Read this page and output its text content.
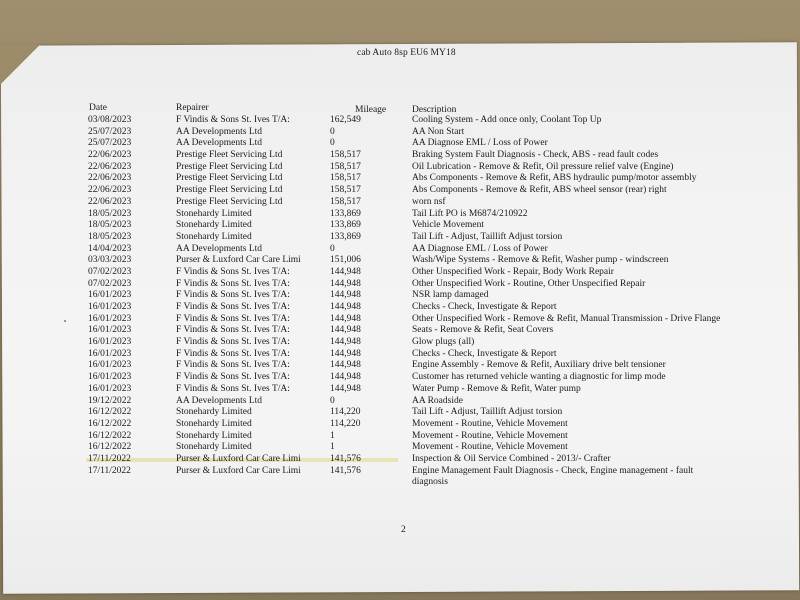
cab Auto 8sp EU6 MY18
Date	Repairer	Mileage	Description
03/08/2023	F Vindis & Sons St. Ives T/A:	162,549	Cooling System - Add once only, Coolant Top Up
25/07/2023	AA Developments Ltd	0	AA Non Start
25/07/2023	AA Developments Ltd	0	AA Diagnose EML / Loss of Power
22/06/2023	Prestige Fleet Servicing Ltd	158,517	Braking System Fault Diagnosis - Check, ABS - read fault codes
22/06/2023	Prestige Fleet Servicing Ltd	158,517	Oil Lubrication - Remove & Refit, Oil pressure relief valve (Engine)
22/06/2023	Prestige Fleet Servicing Ltd	158,517	Abs Components - Remove & Refit, ABS hydraulic pump/motor assembly
22/06/2023	Prestige Fleet Servicing Ltd	158,517	Abs Components - Remove & Refit, ABS wheel sensor (rear) right
22/06/2023	Prestige Fleet Servicing Ltd	158,517	worn nsf
18/05/2023	Stonehardy Limited	133,869	Tail Lift PO is M6874/210922
18/05/2023	Stonehardy Limited	133,869	Vehicle Movement
18/05/2023	Stonehardy Limited	133,869	Tail Lift - Adjust, Taillift Adjust torsion
14/04/2023	AA Developments Ltd	0	AA Diagnose EML / Loss of Power
03/03/2023	Purser & Luxford Car Care Limi	151,006	Wash/Wipe Systems - Remove & Refit, Washer pump - windscreen
07/02/2023	F Vindis & Sons St. Ives T/A:	144,948	Other Unspecified Work - Repair, Body Work Repair
07/02/2023	F Vindis & Sons St. Ives T/A:	144,948	Other Unspecified Work - Routine, Other Unspecified Repair
16/01/2023	F Vindis & Sons St. Ives T/A:	144,948	NSR lamp damaged
16/01/2023	F Vindis & Sons St. Ives T/A:	144,948	Checks - Check, Investigate & Report
16/01/2023	F Vindis & Sons St. Ives T/A:	144,948	Other Unspecified Work - Remove & Refit, Manual Transmission - Drive Flange
16/01/2023	F Vindis & Sons St. Ives T/A:	144,948	Seats - Remove & Refit, Seat Covers
16/01/2023	F Vindis & Sons St. Ives T/A:	144,948	Glow plugs (all)
16/01/2023	F Vindis & Sons St. Ives T/A:	144,948	Checks - Check, Investigate & Report
16/01/2023	F Vindis & Sons St. Ives T/A:	144,948	Engine Assembly - Remove & Refit, Auxiliary drive belt tensioner
16/01/2023	F Vindis & Sons St. Ives T/A:	144,948	Customer has returned vehicle wanting a diagnostic for limp mode
16/01/2023	F Vindis & Sons St. Ives T/A:	144,948	Water Pump - Remove & Refit, Water pump
19/12/2022	AA Developments Ltd	0	AA Roadside
16/12/2022	Stonehardy Limited	114,220	Tail Lift - Adjust, Taillift Adjust torsion
16/12/2022	Stonehardy Limited	114,220	Movement - Routine, Vehicle Movement
16/12/2022	Stonehardy Limited	1	Movement - Routine, Vehicle Movement
16/12/2022	Stonehardy Limited	1	Movement - Routine, Vehicle Movement
17/11/2022	Purser & Luxford Car Care Limi	141,576	Inspection & Oil Service Combined - 2013/- Crafter
17/11/2022	Purser & Luxford Car Care Limi	141,576	Engine Management Fault Diagnosis - Check, Engine management - fault diagnosis
2
